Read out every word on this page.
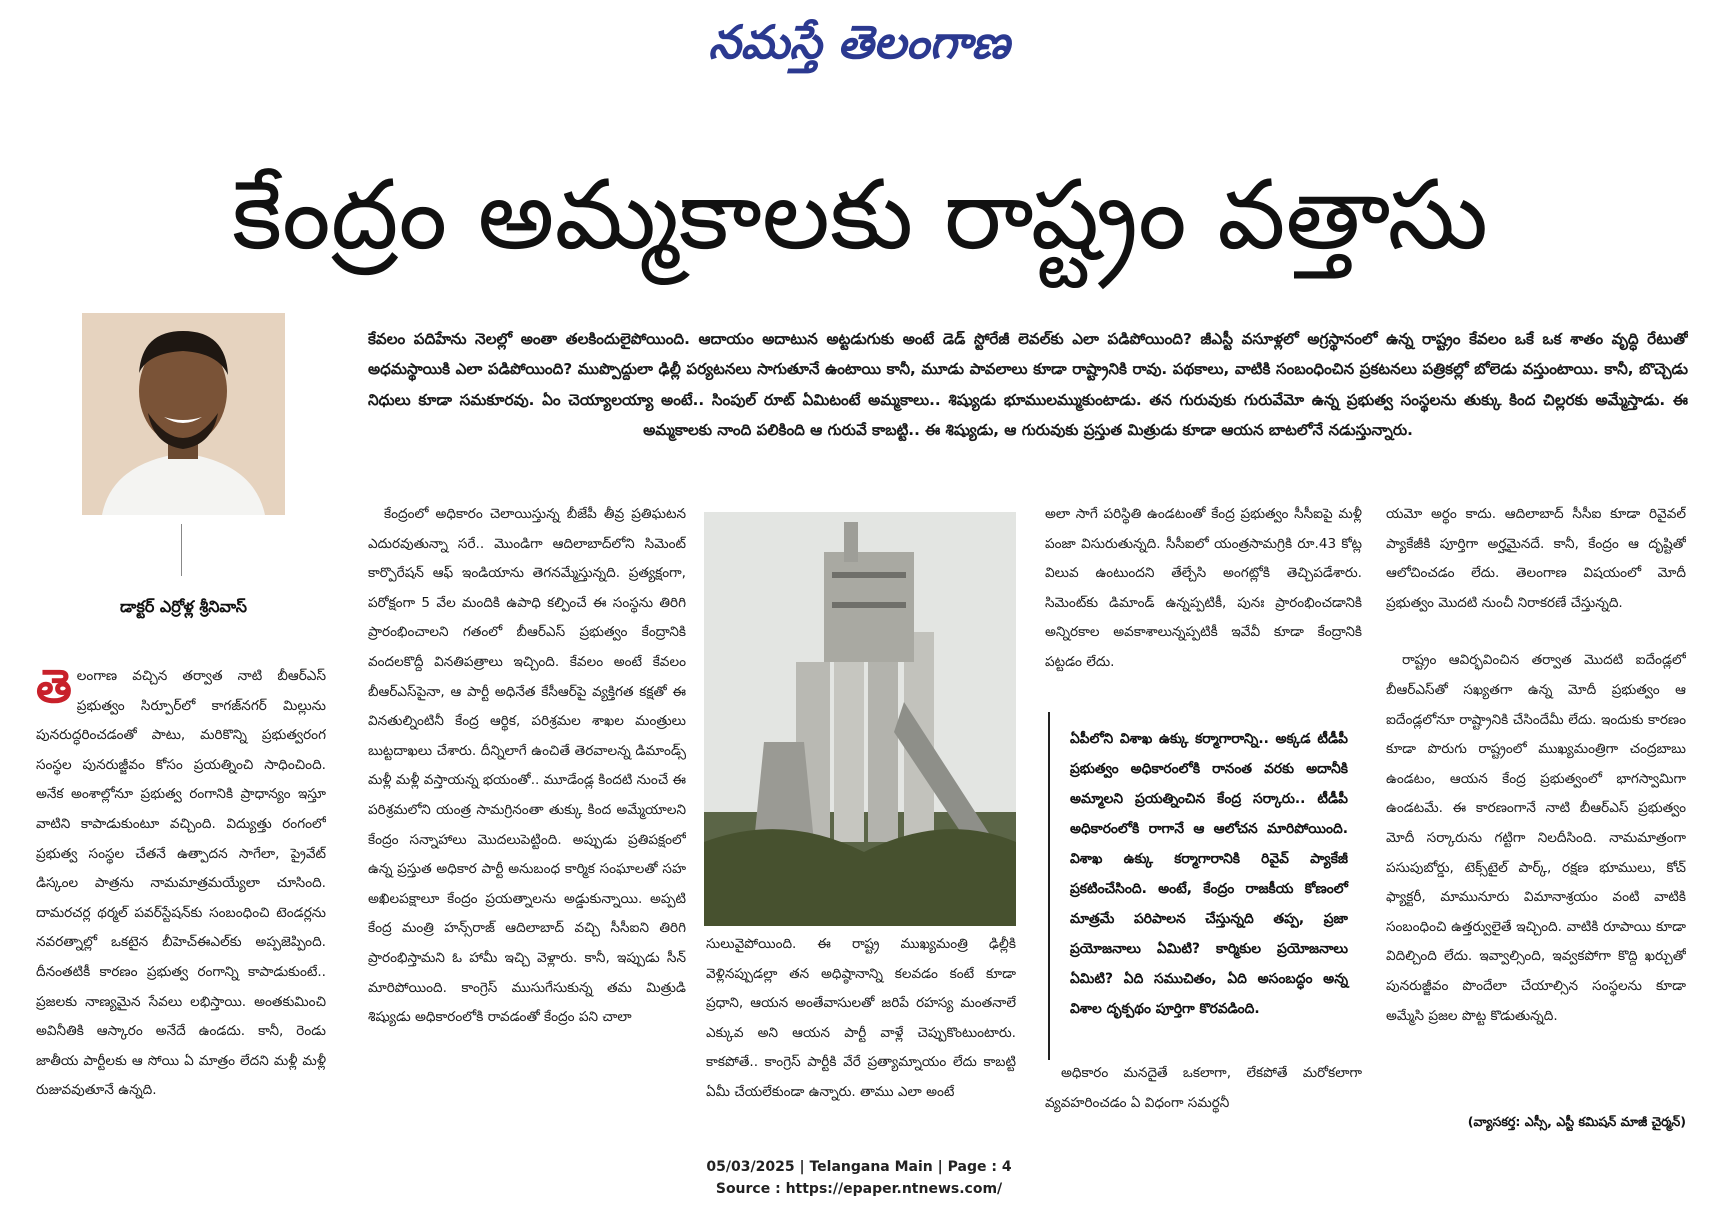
నమస్తే తెలంగాణ
కేంద్రం అమ్మకాలకు రాష్ట్రం వత్తాసు
డాక్టర్ ఎర్రోళ్ల శ్రీనివాస్
కేవలం పదిహేను నెలల్లో అంతా తలకిందులైపోయింది. ఆదాయం అదాటున అట్టడుగుకు అంటే డెడ్ స్టోరేజీ లెవల్‌కు ఎలా పడిపోయింది? జీఎస్టీ వసూళ్లలో అగ్రస్థానంలో ఉన్న రాష్ట్రం కేవలం ఒకే ఒక శాతం వృద్ధి రేటుతో అధమస్థాయికి ఎలా పడిపోయింది? ముప్పొద్దులా ఢిల్లీ పర్యటనలు సాగుతూనే ఉంటాయి కానీ, మూడు పావలాలు కూడా రాష్ట్రానికి రావు. పథకాలు, వాటికి సంబంధించిన ప్రకటనలు పత్రికల్లో బోలెడు వస్తుంటాయి. కానీ, బొచ్చెడు నిధులు కూడా సమకూరవు. ఏం చెయ్యాలయ్యా అంటే.. సింపుల్ రూట్ ఏమిటంటే అమ్మకాలు.. శిష్యుడు భూములమ్ముకుంటాడు. తన గురువుకు గురువేమో ఉన్న ప్రభుత్వ సంస్థలను తుక్కు కింద చిల్లరకు అమ్మేస్తాడు. ఈ అమ్మకాలకు నాంది పలికింది ఆ గురువే కాబట్టి.. ఈ శిష్యుడు, ఆ గురువుకు ప్రస్తుత మిత్రుడు కూడా ఆయన బాటలోనే నడుస్తున్నారు.

తెలంగాణ వచ్చిన తర్వాత నాటి బీఆర్‌ఎస్ ప్రభుత్వం సిర్పూర్‌లో కాగజ్‌నగర్ మిల్లును పునరుద్ధరించడంతో పాటు, మరికొన్ని ప్రభుత్వరంగ సంస్థల పునరుజ్జీవం కోసం ప్రయత్నించి సాధించింది. అనేక అంశాల్లోనూ ప్రభుత్వ రంగానికి ప్రాధాన్యం ఇస్తూ వాటిని కాపాడుకుంటూ వచ్చింది. విద్యుత్తు రంగంలో ప్రభుత్వ సంస్థల చేతనే ఉత్పాదన సాగేలా, ప్రైవేట్ డిస్కంల పాత్రను నామమాత్రమయ్యేలా చూసింది. దామరచర్ల థర్మల్ పవర్‌స్టేషన్‌కు సంబంధించి టెండర్లను నవరత్నాల్లో ఒకటైన బీహెచ్‌ఈఎల్‌కు అప్పజెప్పింది. దీనంతటికీ కారణం ప్రభుత్వ రంగాన్ని కాపాడుకుంటే.. ప్రజలకు నాణ్యమైన సేవలు లభిస్తాయి. అంతకుమించి అవినీతికి ఆస్కారం అనేదే ఉండదు. కానీ, రెండు జాతీయ పార్టీలకు ఆ సోయి ఏ మాత్రం లేదని మళ్లీ మళ్లీ రుజువవుతూనే ఉన్నది.

కేంద్రంలో అధికారం చెలాయిస్తున్న బీజేపీ తీవ్ర ప్రతిఘటన ఎదురవుతున్నా సరే.. మొండిగా ఆదిలాబాద్‌లోని సిమెంట్ కార్పొరేషన్ ఆఫ్ ఇండియాను తెగనమ్మేస్తున్నది. ప్రత్యక్షంగా, పరోక్షంగా 5 వేల మందికి ఉపాధి కల్పించే ఈ సంస్థను తిరిగి ప్రారంభించాలని గతంలో బీఆర్‌ఎస్ ప్రభుత్వం కేంద్రానికి వందలకొద్దీ వినతిపత్రాలు ఇచ్చింది. కేవలం అంటే కేవలం బీఆర్‌ఎస్‌పైనా, ఆ పార్టీ అధినేత కేసీఆర్‌పై వ్యక్తిగత కక్షతో ఈ వినతుల్నింటినీ కేంద్ర ఆర్థిక, పరిశ్రమల శాఖల మంత్రులు బుట్టదాఖలు చేశారు. దీన్నిలాగే ఉంచితే తెరవాలన్న డిమాండ్స్ మళ్లీ మళ్లీ వస్తాయన్న భయంతో.. మూడేండ్ల కిందటి నుంచే ఈ పరిశ్రమలోని యంత్ర సామగ్రినంతా తుక్కు కింద అమ్మేయాలని కేంద్రం సన్నాహాలు మొదలుపెట్టింది. అప్పుడు ప్రతిపక్షంలో ఉన్న ప్రస్తుత అధికార పార్టీ అనుబంధ కార్మిక సంఘాలతో సహ అఖిలపక్షాలూ కేంద్రం ప్రయత్నాలను అడ్డుకున్నాయి. అప్పటి కేంద్ర మంత్రి హన్స్‌రాజ్ ఆదిలాబాద్ వచ్చి సీసీఐని తిరిగి ప్రారంభిస్తామని ఓ హామీ ఇచ్చి వెళ్లారు. కానీ, ఇప్పుడు సీన్ మారిపోయింది. కాంగ్రెస్ ముసుగేసుకున్న తమ మిత్రుడి శిష్యుడు అధికారంలోకి రావడంతో కేంద్రం పని చాలా

సులువైపోయింది. ఈ రాష్ట్ర ముఖ్యమంత్రి ఢిల్లీకి వెళ్లినప్పుడల్లా తన అధిష్ఠానాన్ని కలవడం కంటే కూడా ప్రధాని, ఆయన అంతేవాసులతో జరిపే రహస్య మంతనాలే ఎక్కువ అని ఆయన పార్టీ వాళ్లే చెప్పుకొంటుంటారు. కాకపోతే.. కాంగ్రెస్ పార్టీకి వేరే ప్రత్యామ్నాయం లేదు కాబట్టి ఏమీ చేయలేకుండా ఉన్నారు. తాము ఎలా అంటే

అలా సాగే పరిస్థితి ఉండటంతో కేంద్ర ప్రభుత్వం సీసీఐపై మళ్లీ పంజా విసురుతున్నది. సీసీఐలో యంత్రసామగ్రికి రూ.43 కోట్ల విలువ ఉంటుందని తేల్చేసి అంగట్లోకి తెచ్చిపడేశారు. సిమెంట్‌కు డిమాండ్ ఉన్నప్పటికీ, పునః ప్రారంభించడానికి అన్నిరకాల అవకాశాలున్నప్పటికీ ఇవేవీ కూడా కేంద్రానికి పట్టడం లేదు.

ఏపీలోని విశాఖ ఉక్కు కర్మాగారాన్ని.. అక్కడ టీడీపీ ప్రభుత్వం అధికారంలోకి రానంత వరకు అదానీకి అమ్మాలని ప్రయత్నించిన కేంద్ర సర్కారు.. టీడీపీ అధికారంలోకి రాగానే ఆ ఆలోచన మారిపోయింది. విశాఖ ఉక్కు కర్మాగారానికి రివైవ్ ప్యాకేజీ ప్రకటించేసింది. అంటే, కేంద్రం రాజకీయ కోణంలో మాత్రమే పరిపాలన చేస్తున్నది తప్ప, ప్రజా ప్రయోజనాలు ఏమిటి? కార్మికుల ప్రయోజనాలు ఏమిటి? ఏది సముచితం, ఏది అసంబద్ధం అన్న విశాల దృక్పథం పూర్తిగా కొరవడింది.

అధికారం మనదైతే ఒకలాగా, లేకపోతే మరోకలాగా వ్యవహరించడం ఏ విధంగా సమర్థనీ

యమో అర్థం కాదు. ఆదిలాబాద్ సీసీఐ కూడా రివైవల్ ప్యాకేజీకి పూర్తిగా అర్హమైనదే. కానీ, కేంద్రం ఆ దృష్టితో ఆలోచించడం లేదు. తెలంగాణ విషయంలో మోదీ ప్రభుత్వం మొదటి నుంచీ నిరాకరణే చేస్తున్నది.

రాష్ట్రం ఆవిర్భవించిన తర్వాత మొదటి ఐదేండ్లలో బీఆర్‌ఎస్‌తో సఖ్యతగా ఉన్న మోదీ ప్రభుత్వం ఆ ఐదేండ్లలోనూ రాష్ట్రానికి చేసిందేమీ లేదు. ఇందుకు కారణం కూడా పొరుగు రాష్ట్రంలో ముఖ్యమంత్రిగా చంద్రబాబు ఉండటం, ఆయన కేంద్ర ప్రభుత్వంలో భాగస్వామిగా ఉండటమే. ఈ కారణంగానే నాటి బీఆర్‌ఎస్ ప్రభుత్వం మోదీ సర్కారును గట్టిగా నిలదీసింది. నామమాత్రంగా పసుపుబోర్డు, టెక్స్‌టైల్ పార్క్, రక్షణ భూములు, కోచ్ ఫ్యాక్టరీ, మామునూరు విమానాశ్రయం వంటి వాటికి సంబంధించి ఉత్తర్వులైతే ఇచ్చింది. వాటికి రూపాయి కూడా విదిల్చింది లేదు. ఇవ్వాల్సింది, ఇవ్వకపోగా కొద్ది ఖర్చుతో పునరుజ్జీవం పొందేలా చేయాల్సిన సంస్థలను కూడా అమ్మేసి ప్రజల పొట్ట కొడుతున్నది.

(వ్యాసకర్త: ఎస్సీ, ఎస్టీ కమిషన్ మాజీ చైర్మన్)
05/03/2025 | Telangana Main | Page : 4
Source : https://epaper.ntnews.com/
